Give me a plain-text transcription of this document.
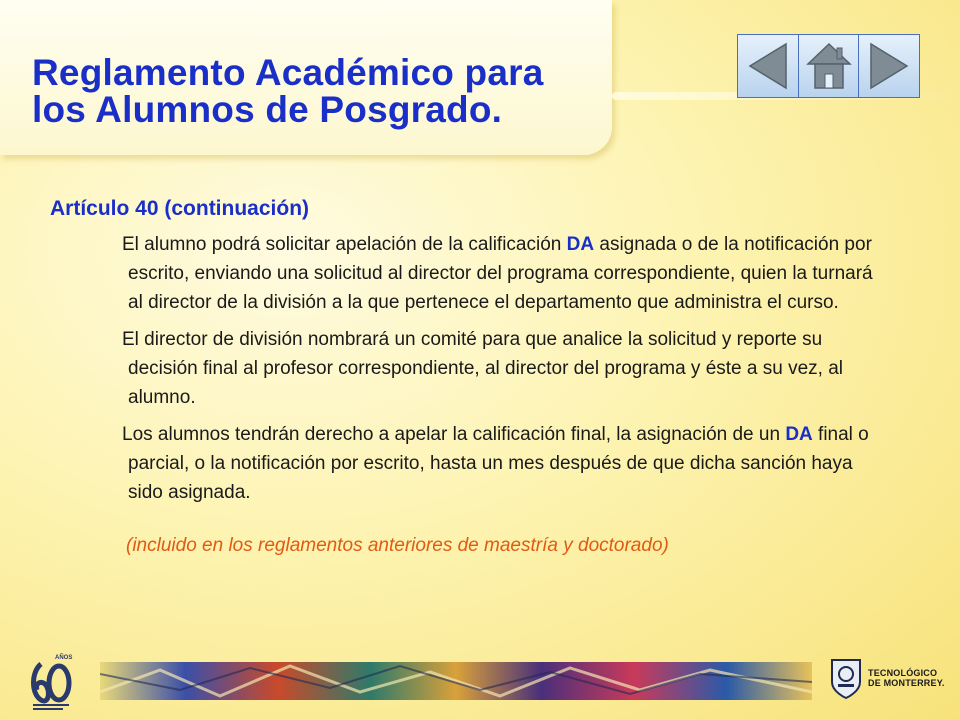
Reglamento Académico para
los Alumnos de Posgrado.
Artículo 40 (continuación)

El alumno podrá solicitar apelación de la calificación DA asignada o de la notificación por escrito, enviando una solicitud al director del programa correspondiente, quien la turnará al director de la división a la que pertenece el departamento que administra el curso.

El director de división nombrará un comité para que analice la solicitud y reporte su decisión final al profesor correspondiente, al director del programa y éste a su vez, al alumno.

Los alumnos tendrán derecho a apelar la calificación final, la asignación de un DA final o parcial, o la notificación por escrito, hasta un mes después de que dicha sanción haya sido asignada.

(incluido en los reglamentos anteriores de maestría y doctorado)

AÑOS
TECNOLÓGICO
DE MONTERREY.
